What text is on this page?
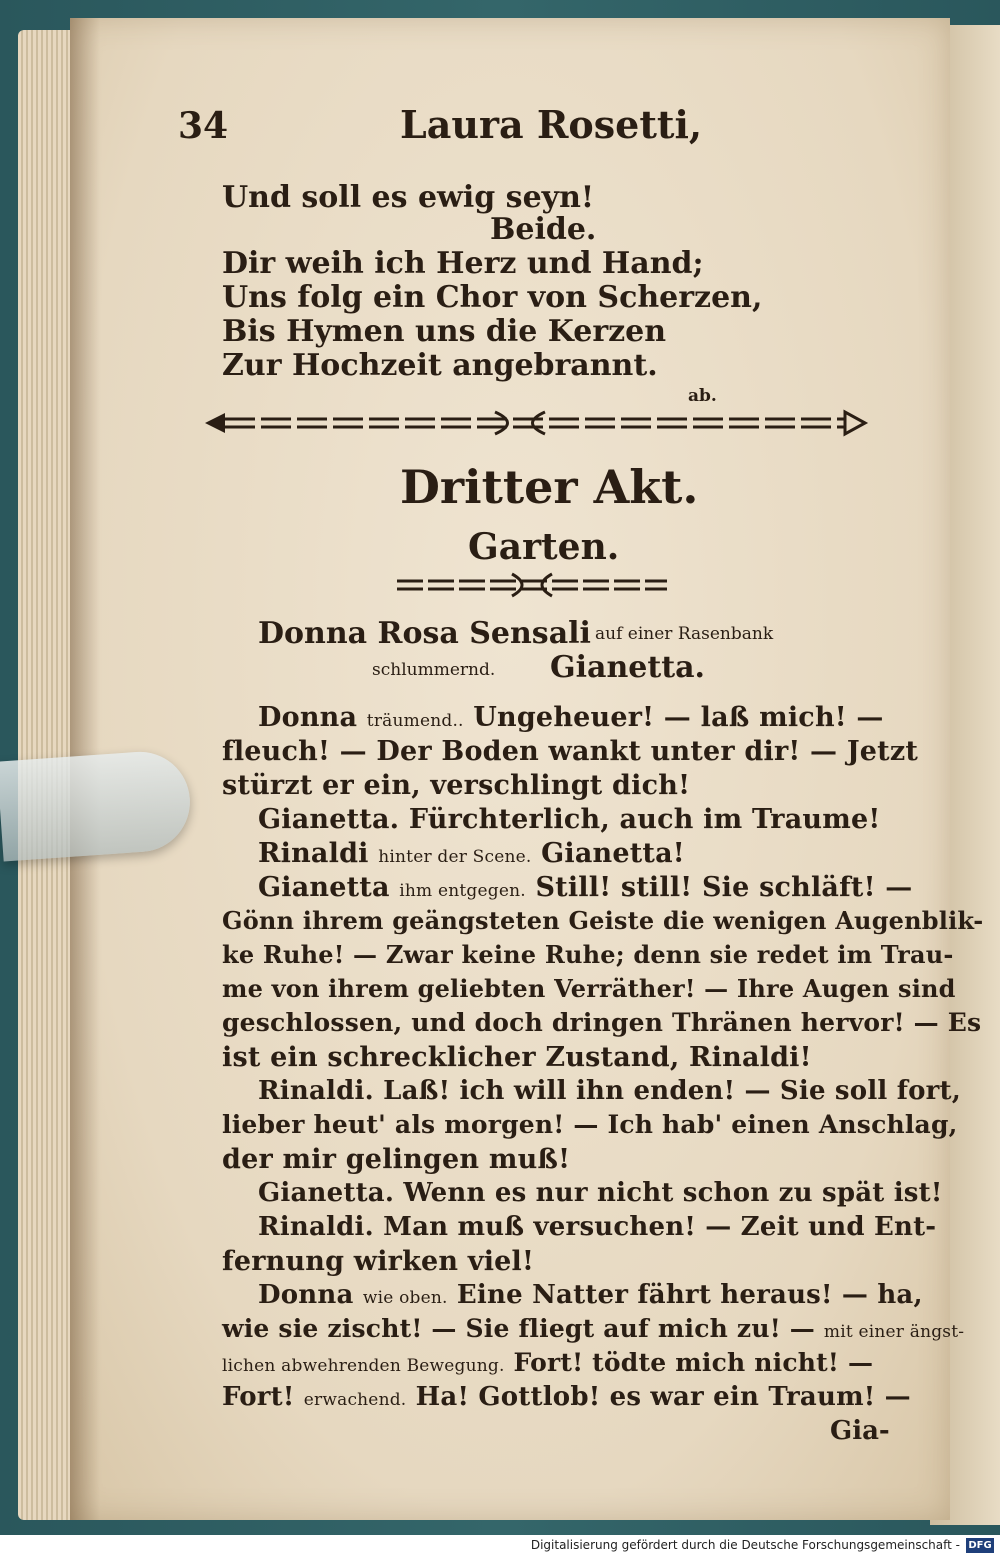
34	Laura Rosetti,
Und soll es ewig seyn!
Beide.
Dir weih ich Herz und Hand;
Uns folg ein Chor von Scherzen,
Bis Hymen uns die Kerzen
Zur Hochzeit angebrannt.
ab.
Dritter Akt.
Garten.
Donna Rosa Sensali auf einer Rasenbank
schlummernd. Gianetta.
Donna träumend.. Ungeheuer! — laß mich! —
fleuch! — Der Boden wankt unter dir! — Jetzt
stürzt er ein, verschlingt dich!
Gianetta. Fürchterlich, auch im Traume!
Rinaldi hinter der Scene. Gianetta!
Gianetta ihm entgegen. Still! still! Sie schläft! —
Gönn ihrem geängsteten Geiste die wenigen Augenblik-
ke Ruhe! — Zwar keine Ruhe; denn sie redet im Trau-
me von ihrem geliebten Verräther! — Ihre Augen sind
geschlossen, und doch dringen Thränen hervor! — Es
ist ein schrecklicher Zustand, Rinaldi!
Rinaldi. Laß! ich will ihn enden! — Sie soll fort,
lieber heut' als morgen! — Ich hab' einen Anschlag,
der mir gelingen muß!
Gianetta. Wenn es nur nicht schon zu spät ist!
Rinaldi. Man muß versuchen! — Zeit und Ent-
fernung wirken viel!
Donna wie oben. Eine Natter fährt heraus! — ha,
wie sie zischt! — Sie fliegt auf mich zu! — mit einer ängst-
lichen abwehrenden Bewegung. Fort! tödte mich nicht! —
Fort! erwachend. Ha! Gottlob! es war ein Traum! —
Gia-
Digitalisierung gefördert durch die Deutsche Forschungsgemeinschaft - DFG
